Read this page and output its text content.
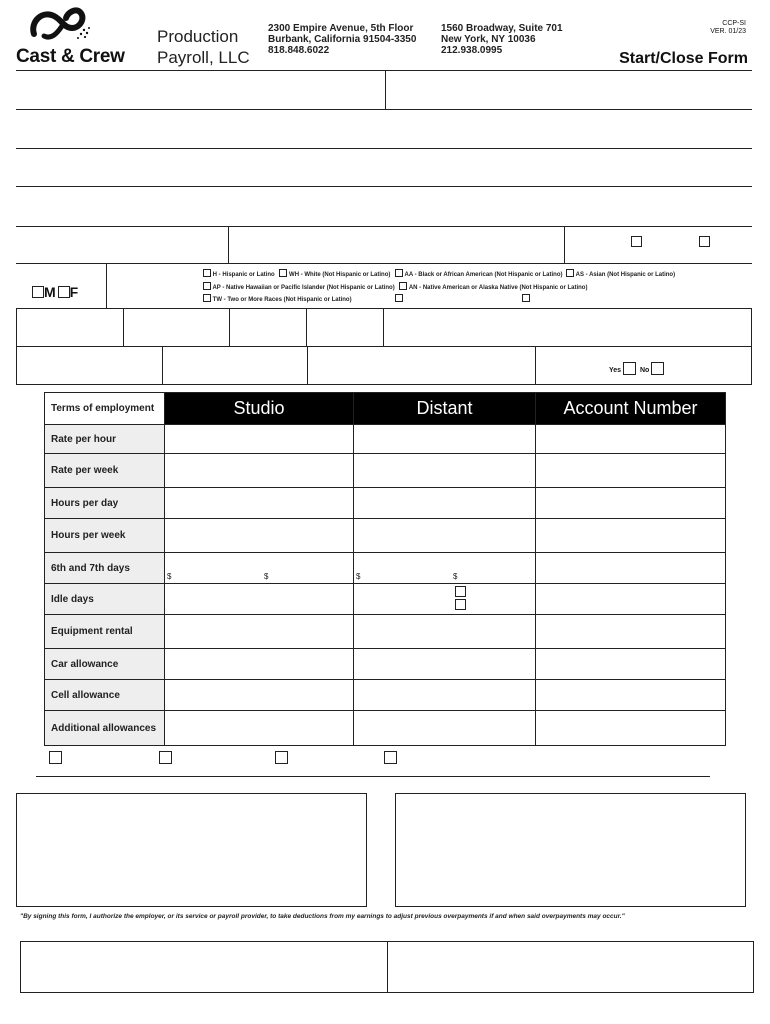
Cast & Crew
Production
Payroll, LLC
2300 Empire Avenue, 5th Floor
Burbank, California 91504-3350
818.848.6022
1560 Broadway, Suite 701
New York, NY 10036
212.938.0995
CCP-SI
VER. 01/23
Start/Close Form
M F
H - Hispanic or Latino WH - White (Not Hispanic or Latino) AA - Black or African American (Not Hispanic or Latino) AS - Asian (Not Hispanic or Latino)
AP - Native Hawaiian or Pacific Islander (Not Hispanic or Latino) AN - Native American or Alaska Native (Not Hispanic or Latino)
TW - Two or More Races (Not Hispanic or Latino)
Yes	No
Terms of employment	Studio	Distant	Account Number
Rate per hour			
Rate per week			
Hours per day			
Hours per week			
6th and 7th days	$ $	$ $	

Idle days		

Equipment rental			
Car allowance			
Cell allowance			
Additional allowances			
"By signing this form, I authorize the employer, or its service or payroll provider, to take deductions from my earnings to adjust previous overpayments if and when said overpayments may occur."
